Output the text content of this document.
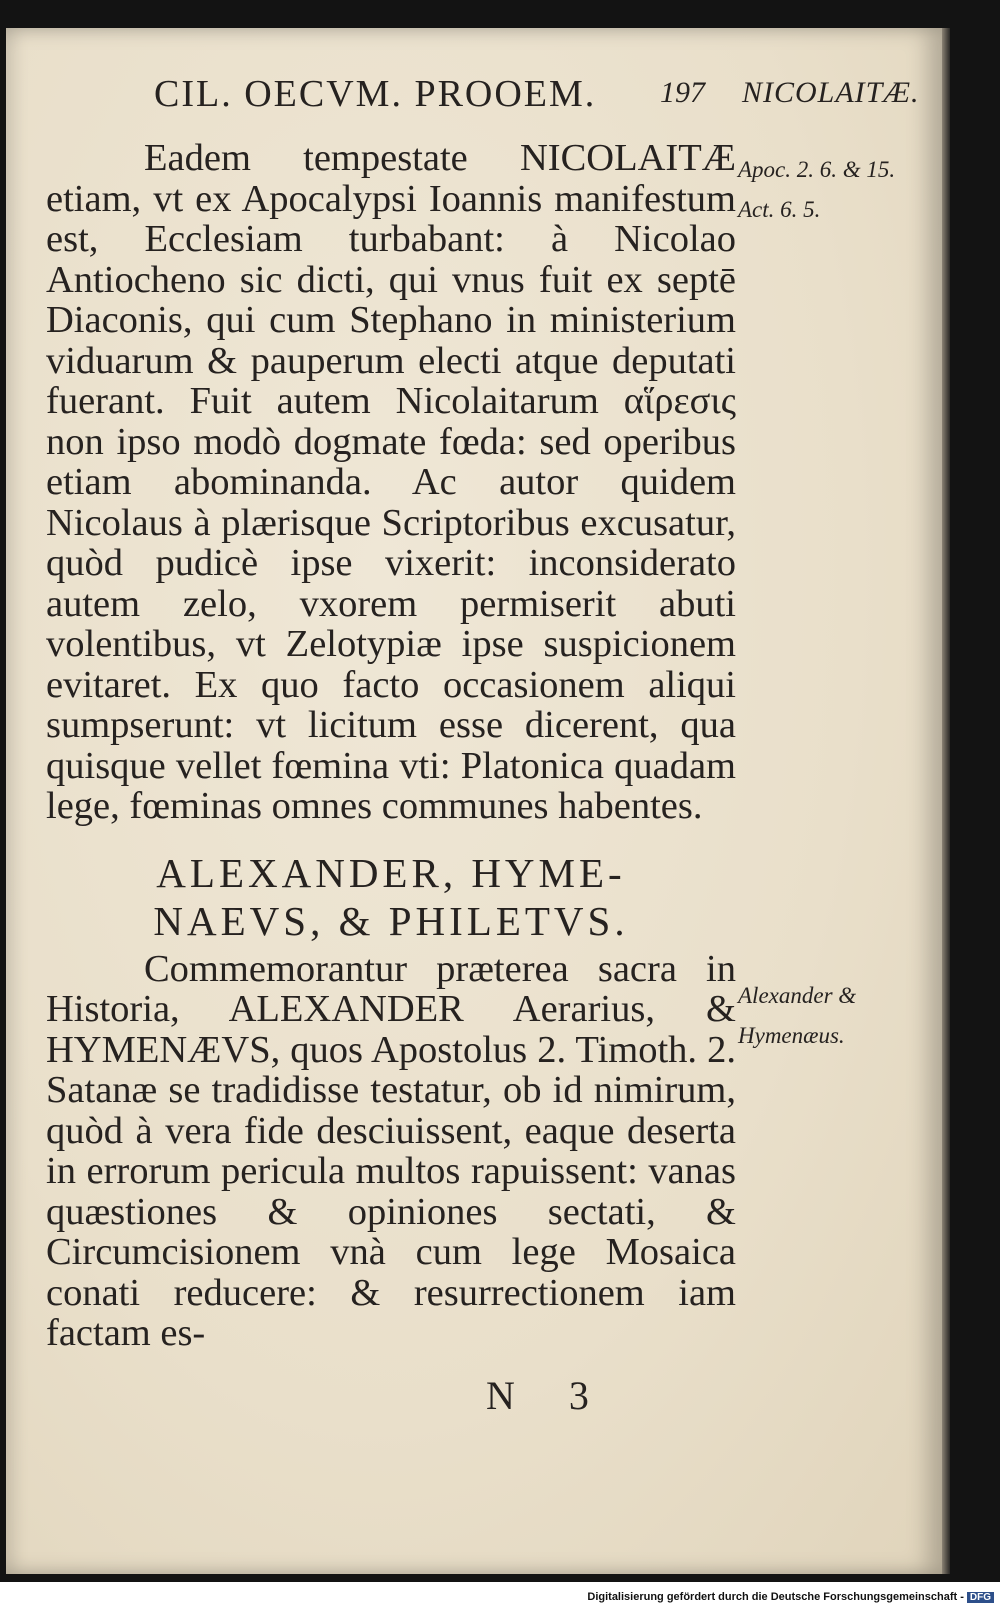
CIL. OECVM. PROOEM. 197 NICOLAITÆ.

Eadem tempestate NICOLAITÆ etiam, vt ex Apocalypsi Ioannis manifestum est, Ecclesiam turbabant: à Nicolao Antiocheno sic dicti, qui vnus fuit ex septē Diaconis, qui cum Stephano in ministerium viduarum & pauperum electi atque deputati fuerant. Fuit autem Nicolaitarum αἵρεσις non ipso modò dogmate fœda: sed operibus etiam abominanda. Ac autor quidem Nicolaus à plærisque Scriptoribus excusatur, quòd pudicè ipse vixerit: inconsiderato autem zelo, vxorem permiserit abuti volentibus, vt Zelotypiæ ipse suspicionem evitaret. Ex quo facto occasionem aliqui sumpserunt: vt licitum esse dicerent, qua quisque vellet fœmina vti: Platonica quadam lege, fœminas omnes communes habentes.

ALEXANDER, HYME-
NAEVS, & PHILETVS.

Commemorantur præterea sacra in Historia, ALEXANDER Aerarius, & HYMENÆVS, quos Apostolus 2. Timoth. 2. Satanæ se tradidisse testatur, ob id nimirum, quòd à vera fide desciuissent, eaque deserta in errorum pericula multos rapuissent: vanas quæstiones & opiniones sectati, & Circumcisionem vnà cum lege Mosaica conati reducere: & resurrectionem iam factam es-

Apoc. 2. 6. & 15.
Act. 6. 5.
Alexander &
Hymenæus.
N 3
Digitalisierung gefördert durch die Deutsche Forschungsgemeinschaft - DFG
